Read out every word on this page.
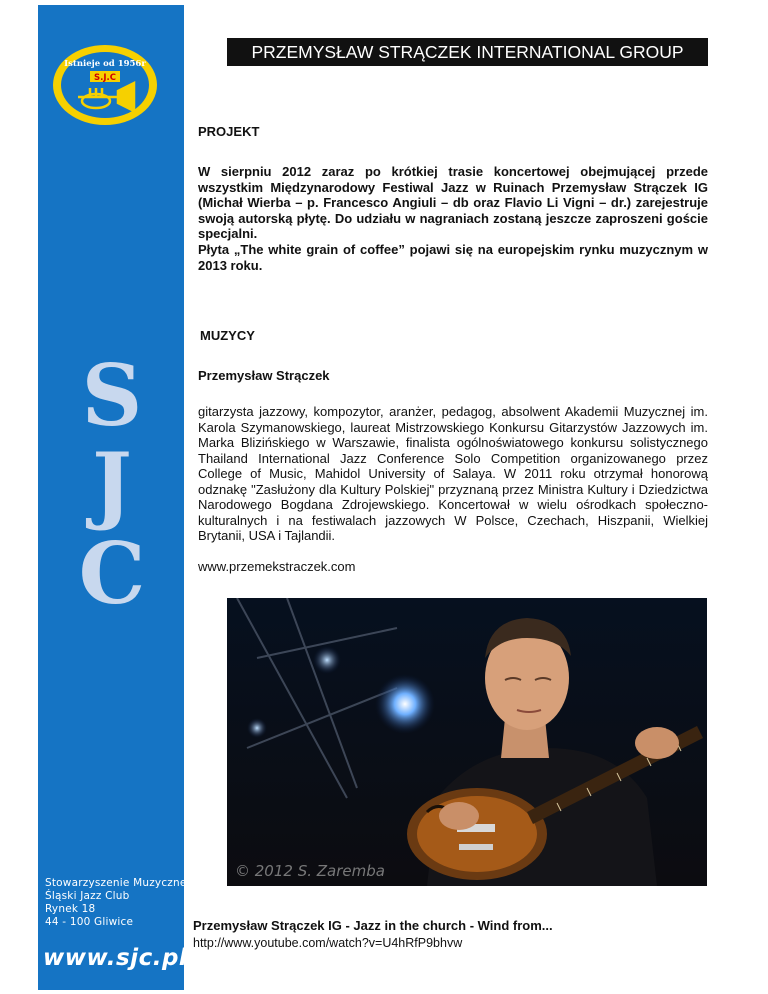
Istnieje od 1956r
S.J.C
S
J
C
Stowarzyszenie Muzyczne
Śląski Jazz Club
Rynek 18
44 - 100 Gliwice
www.sjc.pl
PRZEMYSŁAW STRĄCZEK INTERNATIONAL GROUP
PROJEKT
W sierpniu 2012 zaraz po krótkiej trasie koncertowej obejmującej przede wszystkim Międzynarodowy Festiwal Jazz w Ruinach Przemysław Strączek IG (Michał Wierba – p. Francesco Angiuli – db oraz Flavio Li Vigni – dr.) zarejestruje swoją autorską płytę. Do udziału w nagraniach zostaną jeszcze zaproszeni goście specjalni.
Płyta „The white grain of coffee” pojawi się na europejskim rynku muzycznym w 2013 roku.
MUZYCY
Przemysław Strączek
gitarzysta jazzowy, kompozytor, aranżer, pedagog, absolwent Akademii Muzycznej im. Karola Szymanowskiego, laureat Mistrzowskiego Konkursu Gitarzystów Jazzowych im. Marka Blizińskiego w Warszawie, finalista ogólnoświatowego konkursu solistycznego Thailand International Jazz Conference Solo Competition organizowanego przez College of Music, Mahidol University of Salaya. W 2011 roku otrzymał honorową odznakę "Zasłużony dla Kultury Polskiej" przyznaną przez Ministra Kultury i Dziedzictwa Narodowego Bogdana Zdrojewskiego. Koncertował w wielu ośrodkach społeczno-kulturalnych i na festiwalach jazzowych W Polsce, Czechach, Hiszpanii, Wielkiej Brytanii, USA i Tajlandii.
www.przemekstraczek.com
© 2012 S. Zaremba
Przemysław Strączek IG - Jazz in the church - Wind from...
http://www.youtube.com/watch?v=U4hRfP9bhvw
